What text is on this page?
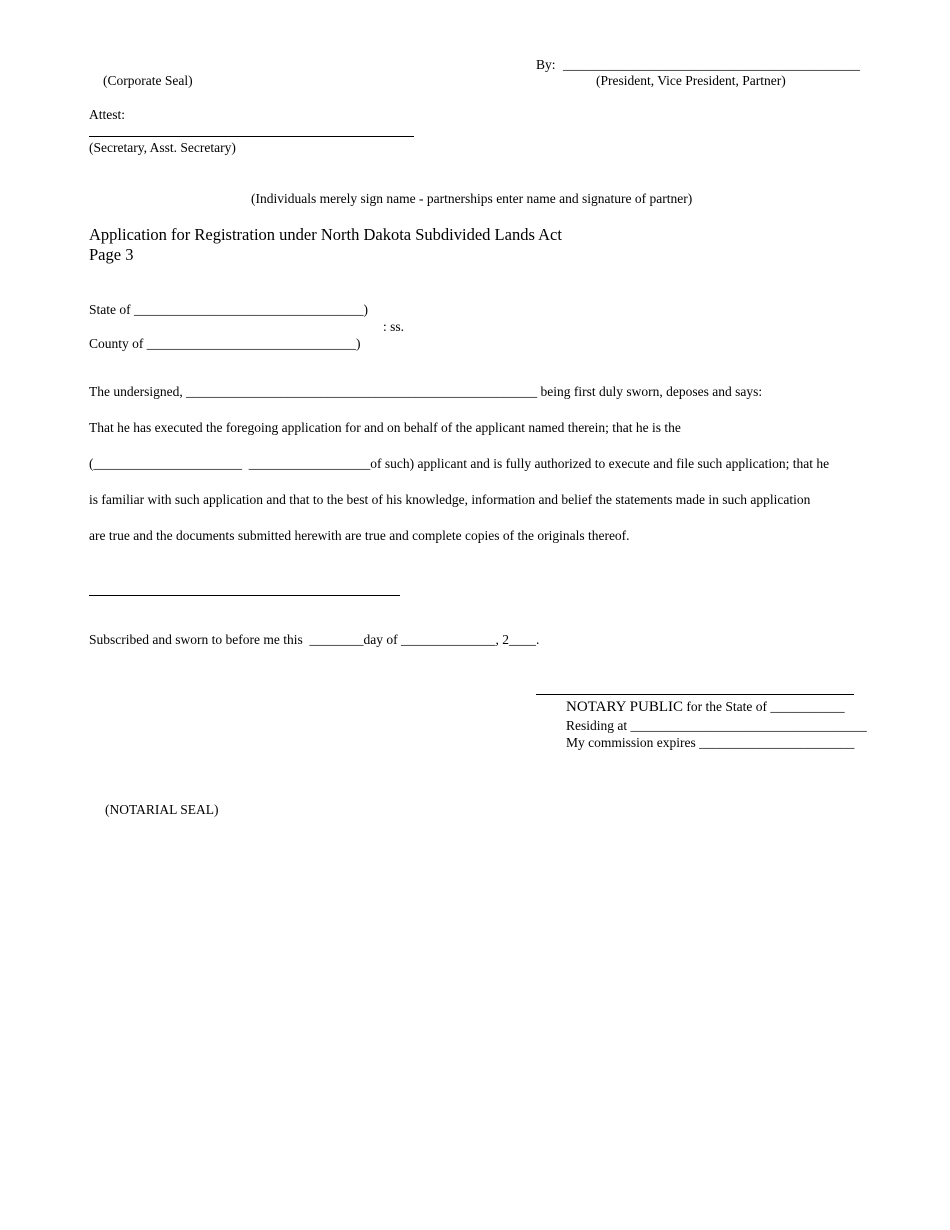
By: ____________________________________________
(President, Vice President, Partner)
(Corporate Seal)
Attest:
(Secretary, Asst. Secretary)
(Individuals merely sign name - partnerships enter name and signature of partner)
Application for Registration under North Dakota Subdivided Lands Act
Page 3
State of __________________________________)
: ss.
County of _______________________________)
The undersigned, ____________________________________________________ being first duly sworn, deposes and says:
That he has executed the foregoing application for and on behalf of the applicant named therein; that he is the
(______________________  __________________of such) applicant and is fully authorized to execute and file such application; that he
is familiar with such application and that to the best of his knowledge, information and belief the statements made in such application
are true and the documents submitted herewith are true and complete copies of the originals thereof.
Subscribed and sworn to before me this  ________day of ______________, 2____.
NOTARY PUBLIC for the State of ___________
Residing at ___________________________________
My commission expires _______________________
(NOTARIAL SEAL)
